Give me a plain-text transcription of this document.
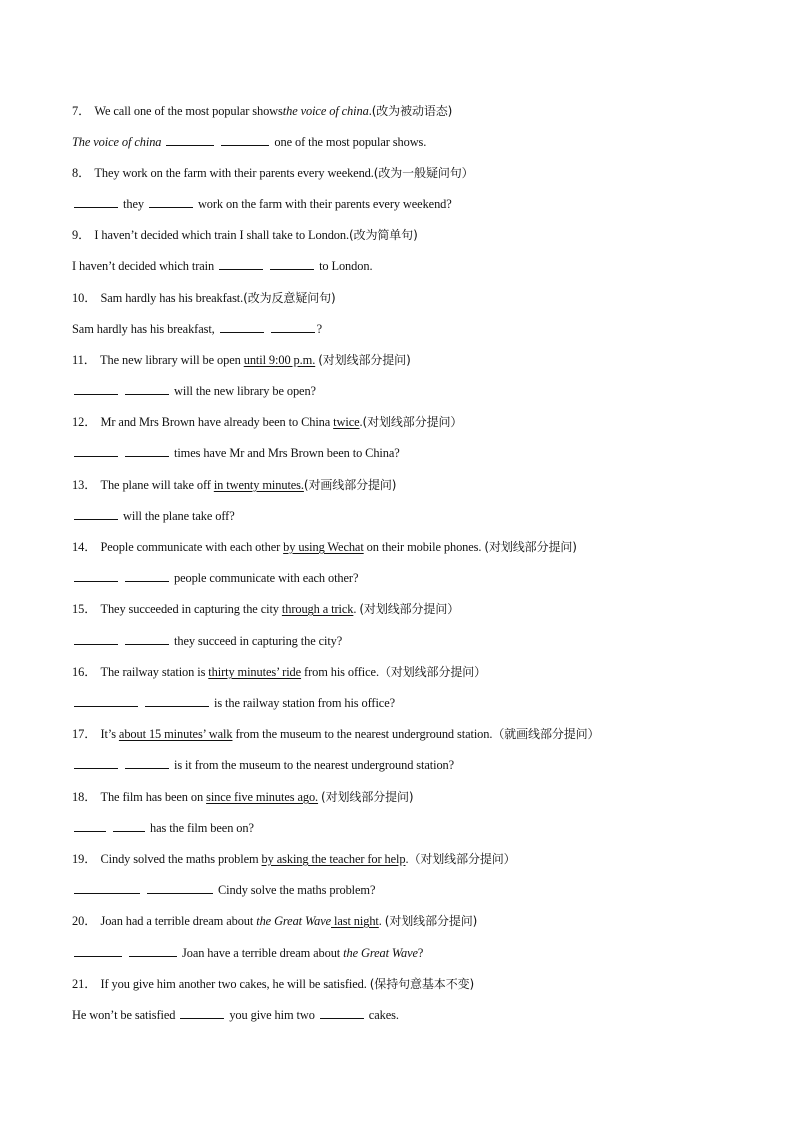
7． We call one of the most popular showsthe voice of china.(改为被动语态)
The voice of china	one of the most popular shows.
8． They work on the farm with their parents every weekend.(改为一般疑问句）
they	work on the farm with their parents every weekend?
9． I haven’t decided which train I shall take to London.(改为简单句)
I haven’t decided which train	to London.
10． Sam hardly has his breakfast.(改为反意疑问句)
Sam hardly has his breakfast,	?
11． The new library will be open until 9:00 p.m. (对划线部分提问)
will the new library be open?
12． Mr and Mrs Brown have already been to China twice.(对划线部分提问）
times have Mr and Mrs Brown been to China?
13． The plane will take off in twenty minutes.(对画线部分提问)
will the plane take off?
14． People communicate with each other by using Wechat on their mobile phones. (对划线部分提问)
people communicate with each other?
15． They succeeded in capturing the city through a trick. (对划线部分提问）
they succeed in capturing the city?
16． The railway station is thirty minutes’ ride from his office.（对划线部分提问）
is the railway station from his office?
17． It’s about 15 minutes’ walk from the museum to the nearest underground station.（就画线部分提问）
is it from the museum to the nearest underground station?
18． The film has been on since five minutes ago. (对划线部分提问)
has the film been on?
19． Cindy solved the maths problem by asking the teacher for help.（对划线部分提问）
Cindy solve the maths problem?
20． Joan had a terrible dream about the Great Wave last night. (对划线部分提问)
Joan have a terrible dream about the Great Wave?
21． If you give him another two cakes, he will be satisfied. (保持句意基本不变)
He won’t be satisfied	you give him two	cakes.
